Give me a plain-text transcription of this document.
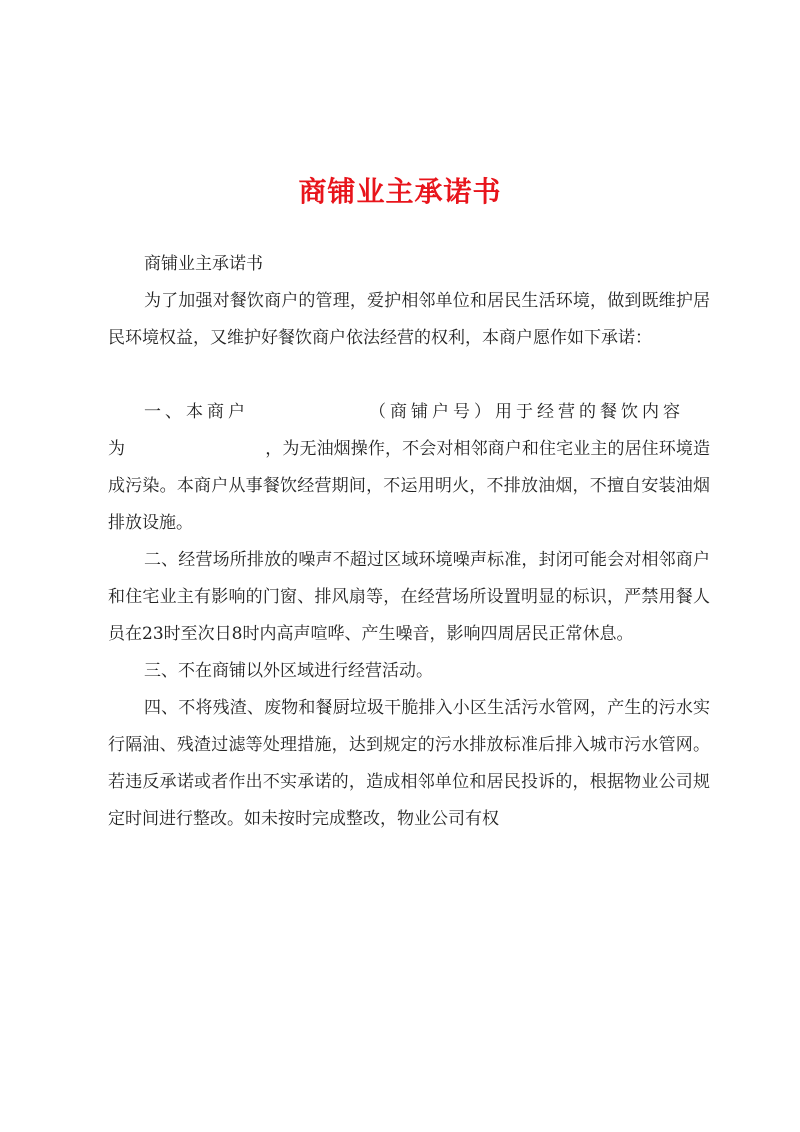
商铺业主承诺书

商铺业主承诺书

为了加强对餐饮商户的管理，爱护相邻单位和居民生活环境，做到既维护居民环境权益，又维护好餐饮商户依法经营的权利，本商户愿作如下承诺：

一、本商户	（商铺户号）用于经营的餐饮内容

为	，为无油烟操作，不会对相邻商户和住宅业主的居住环境造成污染。本商户从事餐饮经营期间，不运用明火，不排放油烟，不擅自安装油烟排放设施。

二、经营场所排放的噪声不超过区域环境噪声标准，封闭可能会对相邻商户和住宅业主有影响的门窗、排风扇等，在经营场所设置明显的标识，严禁用餐人员在23时至次日8时内高声喧哗、产生噪音，影响四周居民正常休息。

三、不在商铺以外区域进行经营活动。

四、不将残渣、废物和餐厨垃圾干脆排入小区生活污水管网，产生的污水实行隔油、残渣过滤等处理措施，达到规定的污水排放标准后排入城市污水管网。若违反承诺或者作出不实承诺的，造成相邻单位和居民投诉的，根据物业公司规定时间进行整改。如未按时完成整改，物业公司有权
